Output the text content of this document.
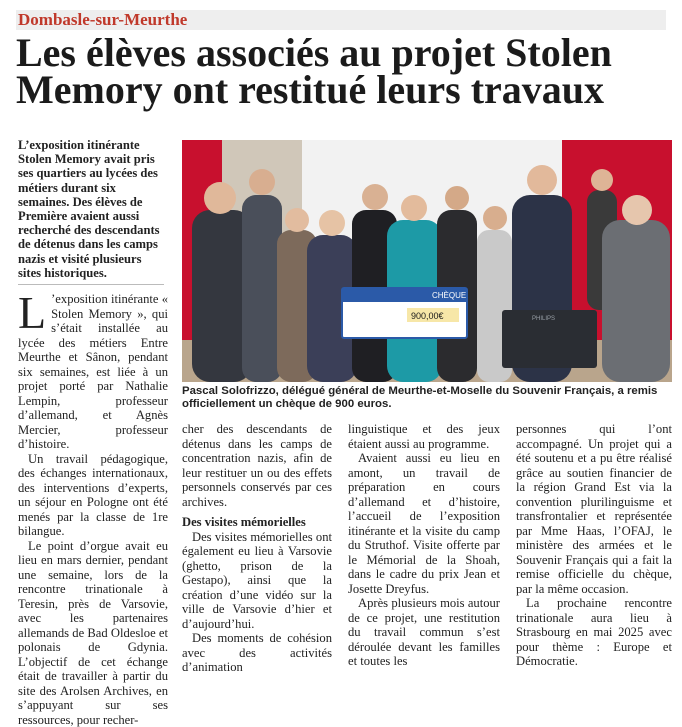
Dombasle-sur-Meurthe
Les élèves associés au projet Stolen
Memory ont restitué leurs travaux
L’exposition itinérante Stolen Memory avait pris ses quartiers au lycées des métiers durant six semaines. Des élèves de Première avaient aussi recherché des descendants de détenus dans les camps nazis et visité plusieurs sites historiques.
CHÈQUE
900,00€	PHILIPS
Pascal Solofrizzo, délégué général de Meurthe-et-Moselle du Souvenir Français, a remis officiellement un chèque de 900 euros.

L ’exposition itinérante « Stolen Memory », qui s’était installée au lycée des métiers Entre Meurthe et Sânon, pendant six semaines, est liée à un projet porté par Nathalie Lempin, professeur d’allemand, et Agnès Mercier, professeur d’histoire.

Un travail pédagogique, des échanges internationaux, des interventions d’experts, un séjour en Pologne ont été menés par la classe de 1re bilangue.

Le point d’orgue avait eu lieu en mars dernier, pendant une semaine, lors de la rencontre trinationale à Teresin, près de Varsovie, avec les partenaires allemands de Bad Oldesloe et polonais de Gdynia. L’objectif de cet échange était de travailler à partir du site des Arolsen Archives, en s’appuyant sur ses ressources, pour recher-

cher des descendants de détenus dans les camps de concentration nazis, afin de leur restituer un ou des effets personnels conservés par ces archives.

Des visites mémorielles

Des visites mémorielles ont également eu lieu à Varsovie (ghetto, prison de la Gestapo), ainsi que la création d’une vidéo sur la ville de Varsovie d’hier et d’aujourd’hui.

Des moments de cohésion avec des activités d’animation

linguistique et des jeux étaient aussi au programme.

Avaient aussi eu lieu en amont, un travail de préparation en cours d’allemand et d’histoire, l’accueil de l’exposition itinérante et la visite du camp du Struthof. Visite offerte par le Mémorial de la Shoah, dans le cadre du prix Jean et Josette Dreyfus.

Après plusieurs mois autour de ce projet, une restitution du travail commun s’est déroulée devant les familles et toutes les

personnes qui l’ont accompagné. Un projet qui a été soutenu et a pu être réalisé grâce au soutien financier de la région Grand Est via la convention plurilinguisme et transfrontalier et représentée par Mme Haas, l’OFAJ, le ministère des armées et le Souvenir Français qui a fait la remise officielle du chèque, par la même occasion.

La prochaine rencontre trinationale aura lieu à Strasbourg en mai 2025 avec pour thème : Europe et Démocratie.
